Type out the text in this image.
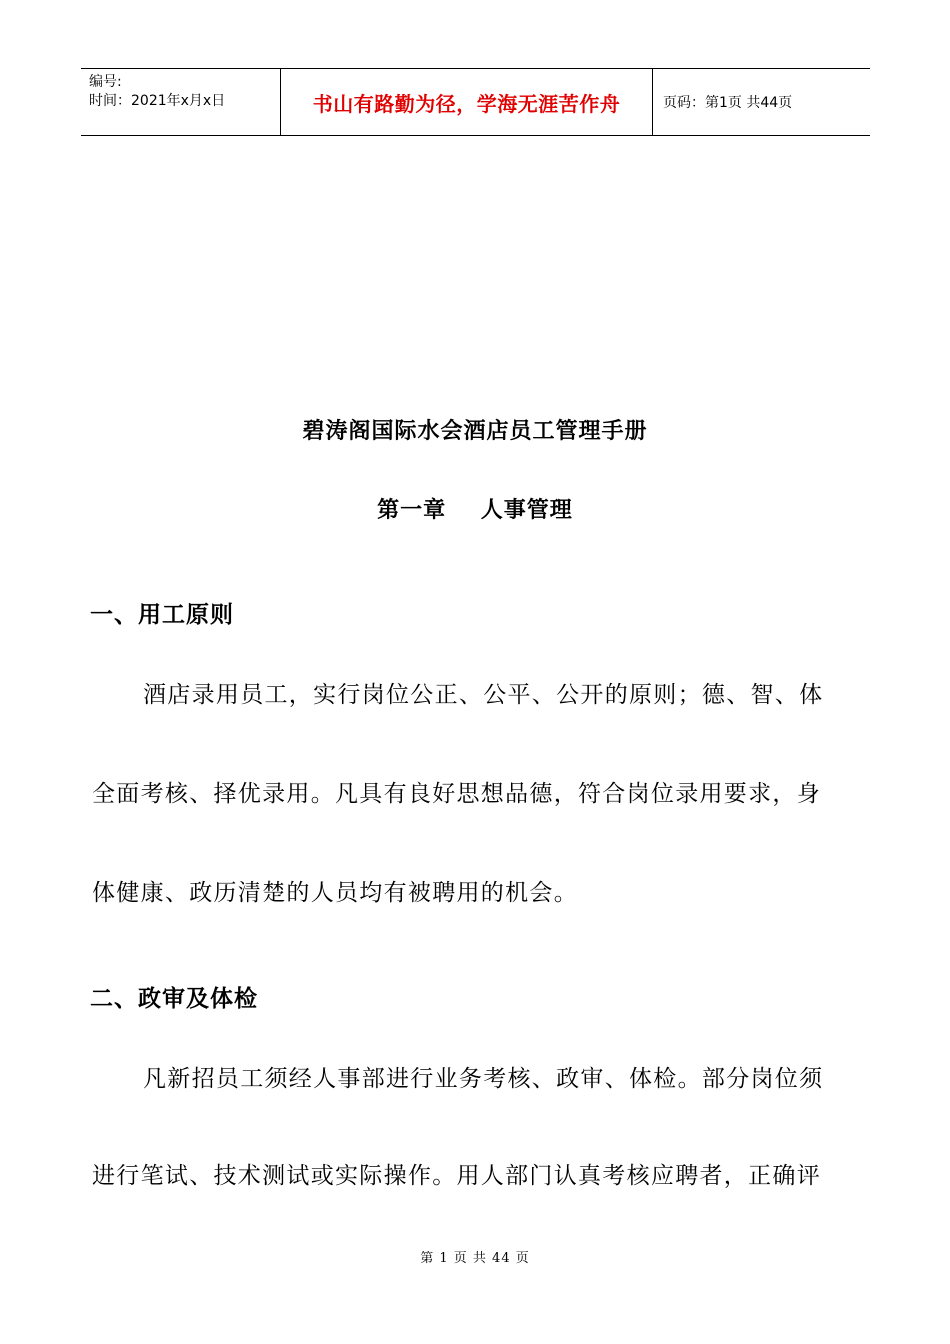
编号:
时间：2021年x月x日	书山有路勤为径，学海无涯苦作舟	页码：第1页 共44页
碧涛阁国际水会酒店员工管理手册
第一章    人事管理
一、用工原则
酒店录用员工，实行岗位公正、公平、公开的原则；德、智、体
全面考核、择优录用。凡具有良好思想品德，符合岗位录用要求，身
体健康、政历清楚的人员均有被聘用的机会。
二、政审及体检
凡新招员工须经人事部进行业务考核、政审、体检。部分岗位须
进行笔试、技术测试或实际操作。用人部门认真考核应聘者，正确评
第 1 页 共 44 页
